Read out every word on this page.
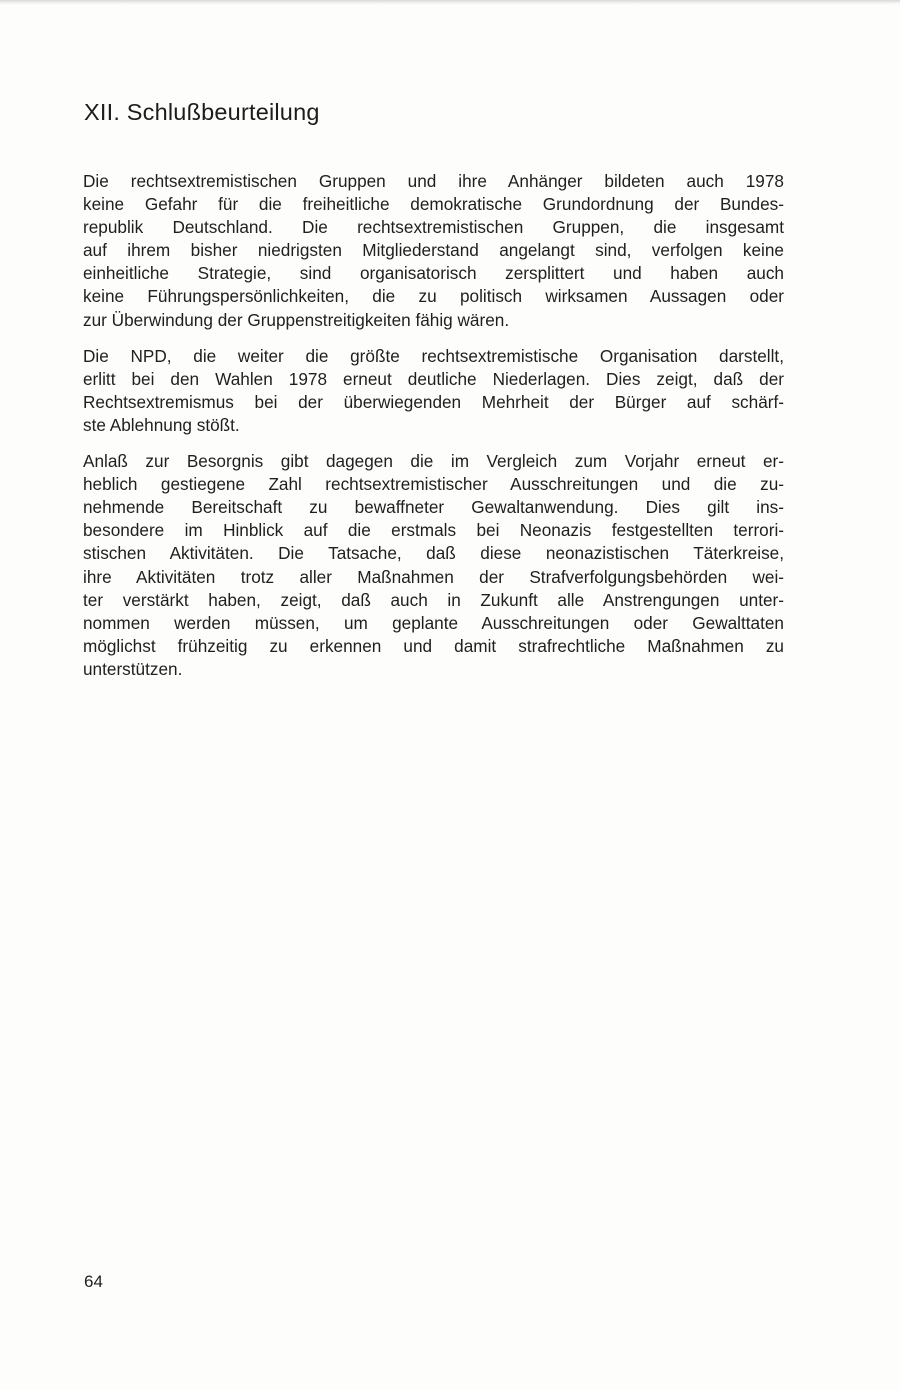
XII. Schlußbeurteilung

Die rechtsextremistischen Gruppen und ihre Anhänger bildeten auch 1978
keine Gefahr für die freiheitliche demokratische Grundordnung der Bundes-
republik Deutschland. Die rechtsextremistischen Gruppen, die insgesamt
auf ihrem bisher niedrigsten Mitgliederstand angelangt sind, verfolgen keine
einheitliche Strategie, sind organisatorisch zersplittert und haben auch
keine Führungspersönlichkeiten, die zu politisch wirksamen Aussagen oder
zur Überwindung der Gruppenstreitigkeiten fähig wären.

Die NPD, die weiter die größte rechtsextremistische Organisation darstellt,
erlitt bei den Wahlen 1978 erneut deutliche Niederlagen. Dies zeigt, daß der
Rechtsextremismus bei der überwiegenden Mehrheit der Bürger auf schärf-
ste Ablehnung stößt.

Anlaß zur Besorgnis gibt dagegen die im Vergleich zum Vorjahr erneut er-
heblich gestiegene Zahl rechtsextremistischer Ausschreitungen und die zu-
nehmende Bereitschaft zu bewaffneter Gewaltanwendung. Dies gilt ins-
besondere im Hinblick auf die erstmals bei Neonazis festgestellten terrori-
stischen Aktivitäten. Die Tatsache, daß diese neonazistischen Täterkreise,
ihre Aktivitäten trotz aller Maßnahmen der Strafverfolgungsbehörden wei-
ter verstärkt haben, zeigt, daß auch in Zukunft alle Anstrengungen unter-
nommen werden müssen, um geplante Ausschreitungen oder Gewalttaten
möglichst frühzeitig zu erkennen und damit strafrechtliche Maßnahmen zu
unterstützen.

64
